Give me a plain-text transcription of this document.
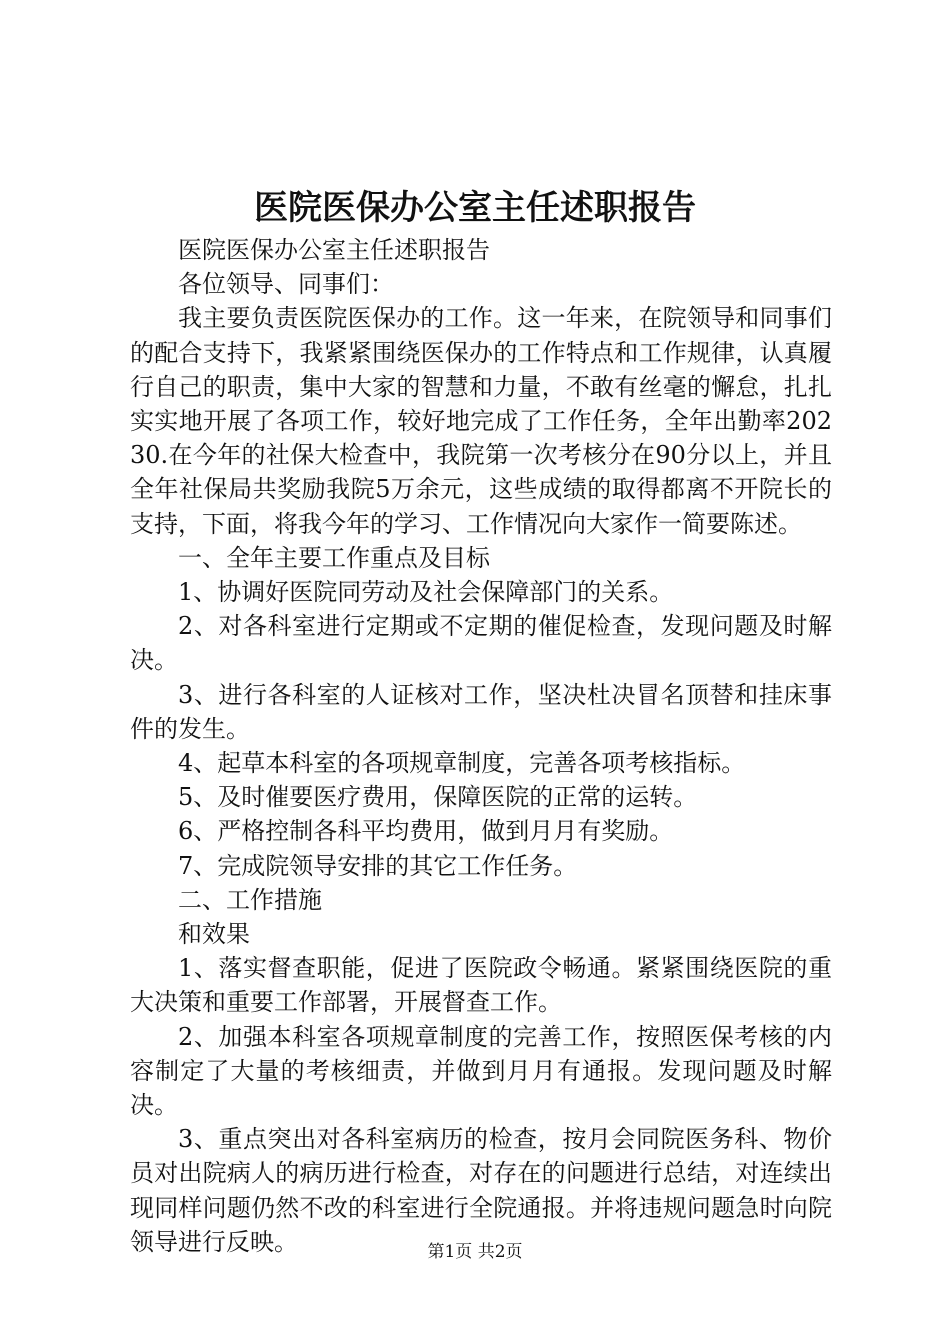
医院医保办公室主任述职报告

医院医保办公室主任述职报告

各位领导、同事们：

我主要负责医院医保办的工作。这一年来，在院领导和同事们的配合支持下，我紧紧围绕医保办的工作特点和工作规律，认真履行自己的职责，集中大家的智慧和力量，不敢有丝毫的懈怠，扎扎实实地开展了各项工作，较好地完成了工作任务，全年出勤率20230.在今年的社保大检查中，我院第一次考核分在90分以上，并且全年社保局共奖励我院5万余元，这些成绩的取得都离不开院长的支持，下面，将我今年的学习、工作情况向大家作一简要陈述。

一、全年主要工作重点及目标

1、协调好医院同劳动及社会保障部门的关系。

2、对各科室进行定期或不定期的催促检查，发现问题及时解决。

3、进行各科室的人证核对工作，坚决杜决冒名顶替和挂床事件的发生。

4、起草本科室的各项规章制度，完善各项考核指标。

5、及时催要医疗费用，保障医院的正常的运转。

6、严格控制各科平均费用，做到月月有奖励。

7、完成院领导安排的其它工作任务。

二、工作措施

和效果

1、落实督查职能，促进了医院政令畅通。紧紧围绕医院的重大决策和重要工作部署，开展督查工作。

2、加强本科室各项规章制度的完善工作，按照医保考核的内容制定了大量的考核细责，并做到月月有通报。发现问题及时解决。

3、重点突出对各科室病历的检查，按月会同院医务科、物价员对出院病人的病历进行检查，对存在的问题进行总结，对连续出现同样问题仍然不改的科室进行全院通报。并将违规问题急时向院领导进行反映。	第1页 共2页
